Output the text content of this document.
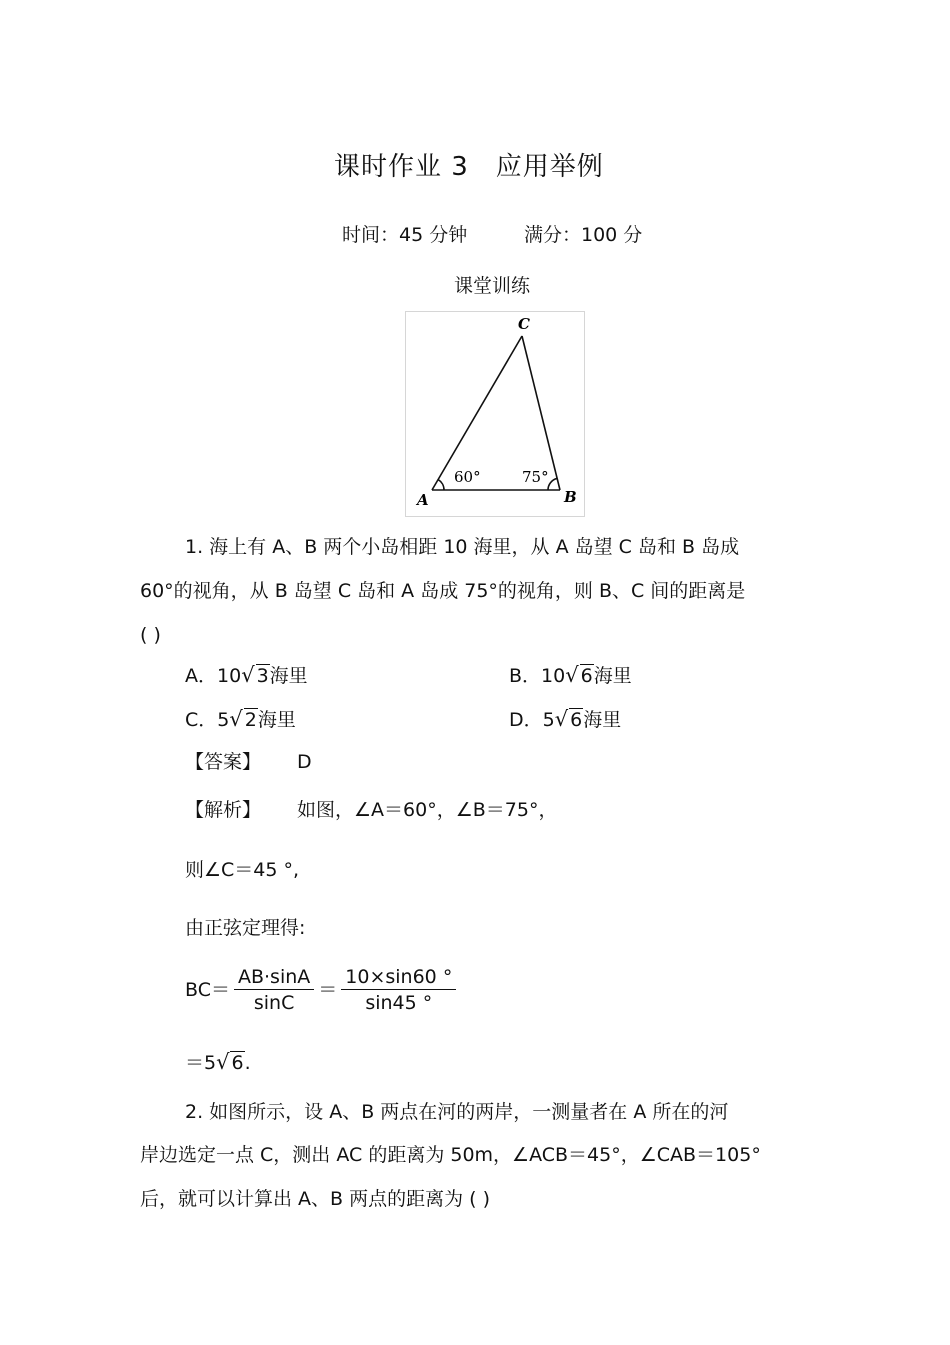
课时作业 3　应用举例
时间：45 分钟	满分：100 分
课堂训练
C
A	B
60°	75°
1. 海上有 A、B 两个小岛相距 10 海里，从 A 岛望 C 岛和 B 岛成
60°的视角，从 B 岛望 C 岛和 A 岛成 75°的视角，则 B、C 间的距离是
( )
A．10√ 3海里	B．10√ 6海里
C．5√ 2海里	D．5√ 6海里
【答案】 D
【解析】 如图，∠A＝60°，∠B＝75°，
则∠C＝45 °,
由正弦定理得:
$BC= \frac{AB\cdot\sin A}{\sin C} = \frac{10\times\sin 60 ^\circ}{\sin 45 ^\circ}$
＝5√ 6.
2. 如图所示，设 A、B 两点在河的两岸，一测量者在 A 所在的河
岸边选定一点 C，测出 AC 的距离为 50m，∠ACB＝45°，∠CAB＝105°
后，就可以计算出 A、B 两点的距离为 ( )
